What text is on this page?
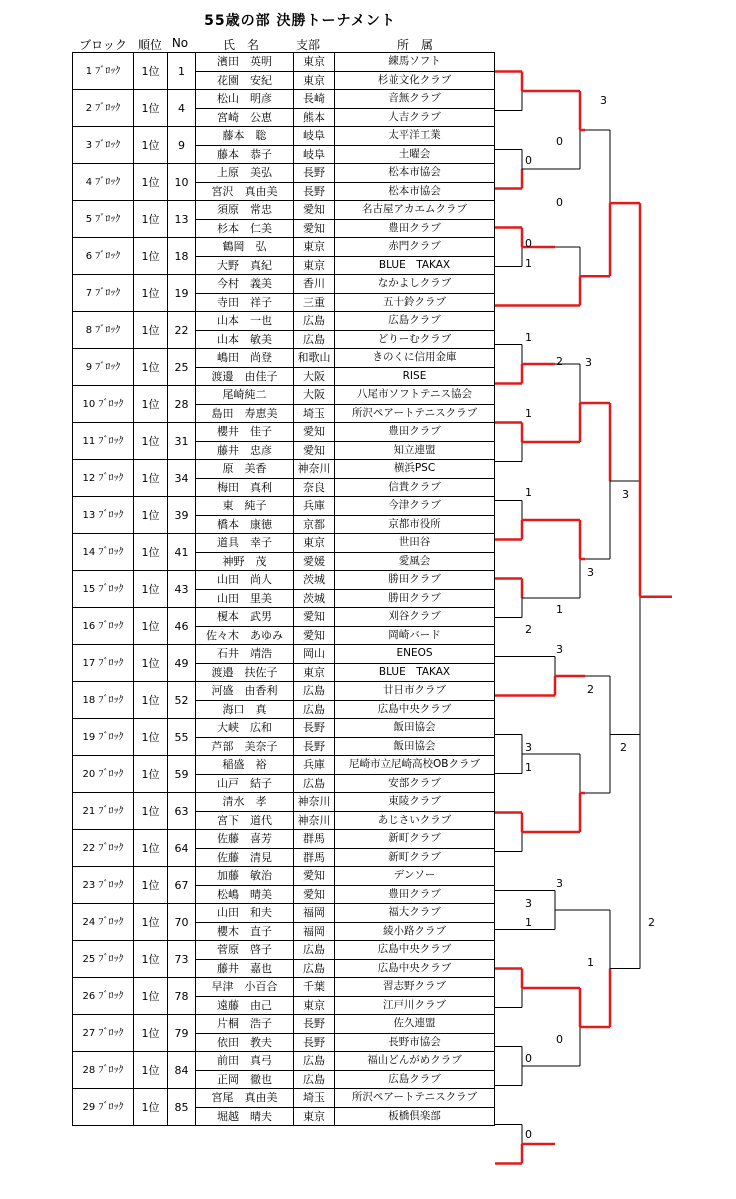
55歳の部 決勝トーナメント
ブロック 順位 No	氏　名	支部	所　属
1 ﾌﾞﾛｯｸ	1位	1	濱田　英明	東京	練馬ソフト
			花園　安紀	東京	杉並文化クラブ
2 ﾌﾞﾛｯｸ	1位	4	松山　明彦	長崎	音無クラブ
			宮崎　公恵	熊本	人吉クラブ
3 ﾌﾞﾛｯｸ	1位	9	藤本　聡	岐阜	太平洋工業
			藤本　恭子	岐阜	土曜会
4 ﾌﾞﾛｯｸ	1位	10	上原　美弘	長野	松本市協会
			宮沢　真由美	長野	松本市協会
5 ﾌﾞﾛｯｸ	1位	13	須原　常忠	愛知	名古屋アカエムクラブ
			杉本　仁美	愛知	豊田クラブ
6 ﾌﾞﾛｯｸ	1位	18	鶴岡　弘	東京	赤門クラブ
			大野　真紀	東京	BLUE　TAKAX
7 ﾌﾞﾛｯｸ	1位	19	今村　義美	香川	なかよしクラブ
			寺田　祥子	三重	五十鈴クラブ
8 ﾌﾞﾛｯｸ	1位	22	山本　一也	広島	広島クラブ
			山本　敏美	広島	どりーむクラブ
9 ﾌﾞﾛｯｸ	1位	25	嶋田　尚登	和歌山	きのくに信用金庫
			渡邊　由佳子	大阪	RISE
10 ﾌﾞﾛｯｸ	1位	28	尾崎純二	大阪	八尾市ソフトテニス協会
			島田　寿恵美	埼玉	所沢ペアートテニスクラブ
11 ﾌﾞﾛｯｸ	1位	31	櫻井　佳子	愛知	豊田クラブ
			藤井　忠彦	愛知	知立連盟
12 ﾌﾞﾛｯｸ	1位	34	原　美香	神奈川	横浜PSC
			梅田　真利	奈良	信貴クラブ
13 ﾌﾞﾛｯｸ	1位	39	東　純子	兵庫	今津クラブ
			橋本　康徳	京都	京都市役所
14 ﾌﾞﾛｯｸ	1位	41	道具　幸子	東京	世田谷
			神野　茂	愛媛	愛風会
15 ﾌﾞﾛｯｸ	1位	43	山田　尚人	茨城	勝田クラブ
			山田　里美	茨城	勝田クラブ
16 ﾌﾞﾛｯｸ	1位	46	榎本　武男	愛知	刈谷クラブ
			佐々木　あゆみ	愛知	岡崎バード
17 ﾌﾞﾛｯｸ	1位	49	石井　靖浩	岡山	ENEOS
			渡邉　扶佐子	東京	BLUE　TAKAX
18 ﾌﾞﾛｯｸ	1位	52	河盛　由香利	広島	廿日市クラブ
			海口　真	広島	広島中央クラブ
19 ﾌﾞﾛｯｸ	1位	55	大峡　広和	長野	飯田協会
			芦部　美奈子	長野	飯田協会
20 ﾌﾞﾛｯｸ	1位	59	稲盛　裕	兵庫	尼崎市立尼崎高校OBクラブ
			山戸　結子	広島	安部クラブ
21 ﾌﾞﾛｯｸ	1位	63	清水　孝	神奈川	東陵クラブ
			宮下　道代	神奈川	あじさいクラブ
22 ﾌﾞﾛｯｸ	1位	64	佐藤　喜芳	群馬	新町クラブ
			佐藤　清見	群馬	新町クラブ
23 ﾌﾞﾛｯｸ	1位	67	加藤　敏治	愛知	デンソー
			松嶋　晴美	愛知	豊田クラブ
24 ﾌﾞﾛｯｸ	1位	70	山田　和夫	福岡	福大クラブ
			櫻木　直子	福岡	綾小路クラブ
25 ﾌﾞﾛｯｸ	1位	73	菅原　啓子	広島	広島中央クラブ
			藤井　嘉也	広島	広島中央クラブ
26 ﾌﾞﾛｯｸ	1位	78	早津　小百合	千葉	習志野クラブ
			遠藤　由己	東京	江戸川クラブ
27 ﾌﾞﾛｯｸ	1位	79	片桐　浩子	長野	佐久連盟
			依田　教夫	長野	長野市協会
28 ﾌﾞﾛｯｸ	1位	84	前田　真弓	広島	福山どんがめクラブ
			正岡　徹也	広島	広島クラブ
29 ﾌﾞﾛｯｸ	1位	85	宮尾　真由美	埼玉	所沢ペアートテニスクラブ
			堀越　晴夫	東京	板橋倶楽部
3
0
0
0
0
1
3
2
1
1
1	3
3
1
2
3
2
2
3
3
3
1
1
2
0
0
0
1
